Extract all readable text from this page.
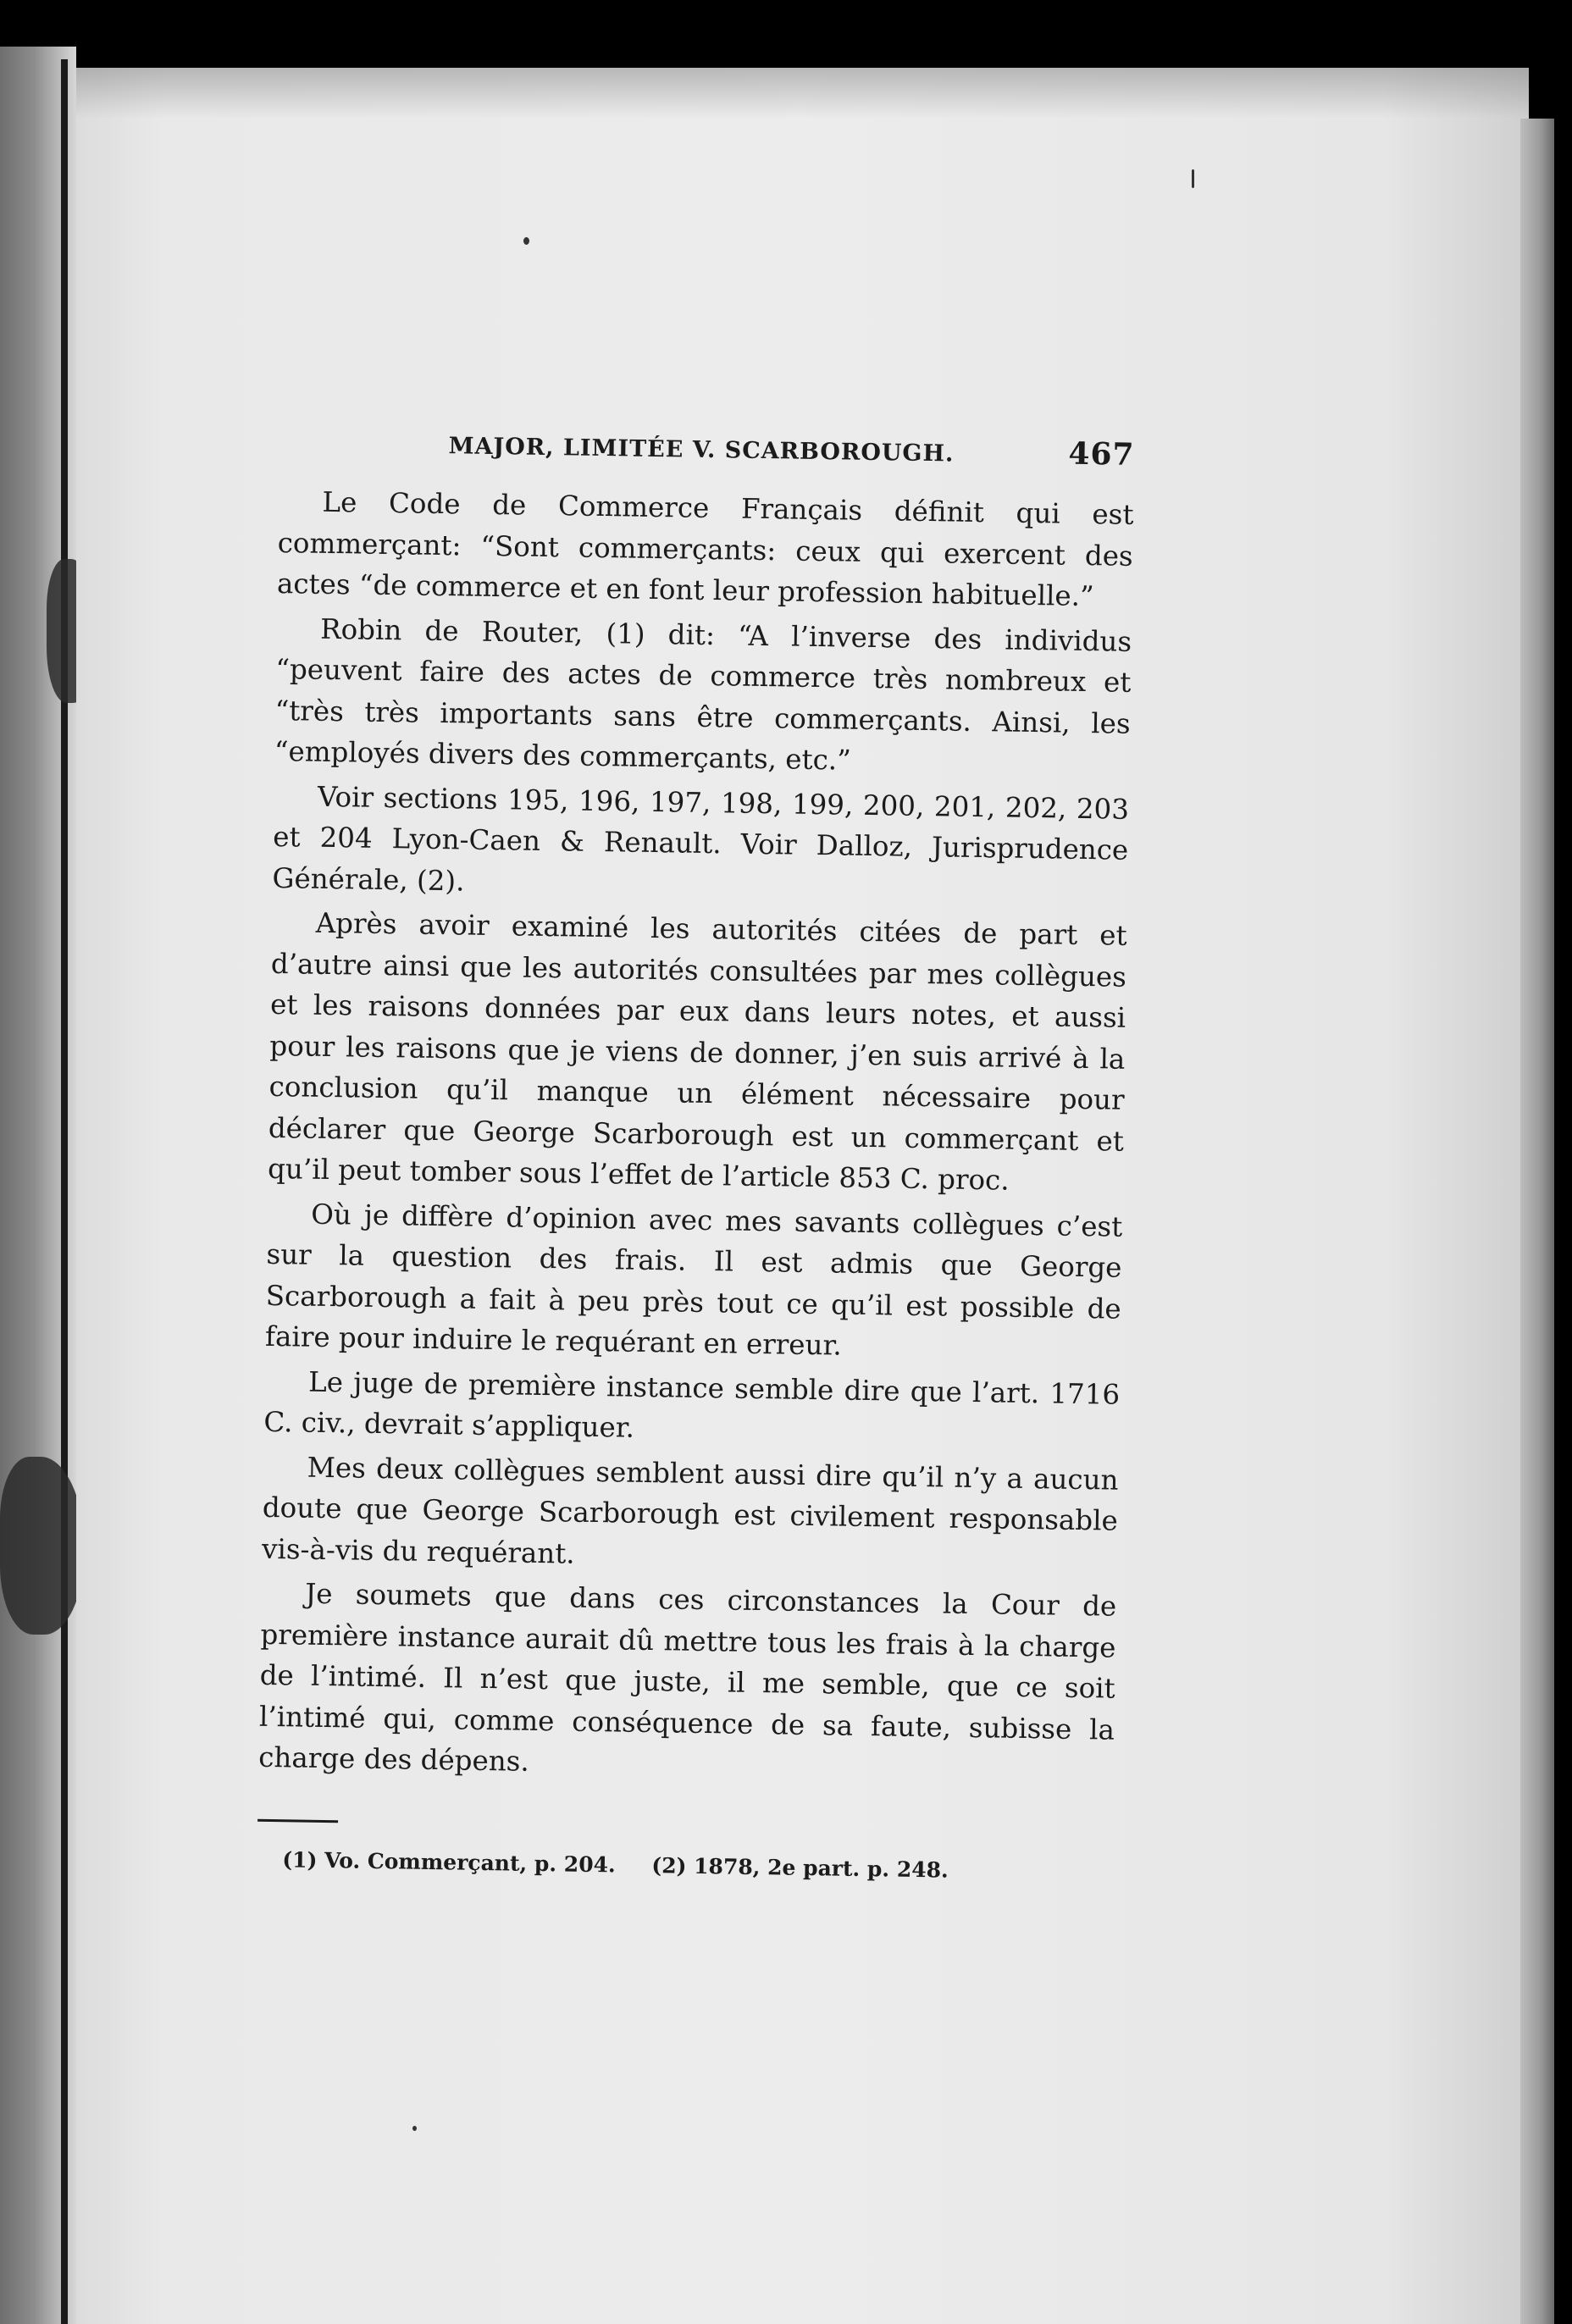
MAJOR, LIMITÉE V. SCARBOROUGH.	467

Le Code de Commerce Français définit qui est commerçant: “Sont commerçants: ceux qui exercent des actes “de commerce et en font leur profession habituelle.”

Robin de Router, (1) dit: “A l’inverse des individus “peuvent faire des actes de commerce très nombreux et “très très importants sans être commerçants. Ainsi, les “employés divers des commerçants, etc.”

Voir sections 195, 196, 197, 198, 199, 200, 201, 202, 203 et 204 Lyon-Caen & Renault. Voir Dalloz, Jurisprudence Générale, (2).

Après avoir examiné les autorités citées de part et d’autre ainsi que les autorités consultées par mes collègues et les raisons données par eux dans leurs notes, et aussi pour les raisons que je viens de donner, j’en suis arrivé à la conclusion qu’il manque un élément nécessaire pour déclarer que George Scarborough est un commerçant et qu’il peut tomber sous l’effet de l’article 853 C. proc.

Où je diffère d’opinion avec mes savants collègues c’est sur la question des frais. Il est admis que George Scarborough a fait à peu près tout ce qu’il est possible de faire pour induire le requérant en erreur.

Le juge de première instance semble dire que l’art. 1716 C. civ., devrait s’appliquer.

Mes deux collègues semblent aussi dire qu’il n’y a aucun doute que George Scarborough est civilement responsable vis-à-vis du requérant.

Je soumets que dans ces circonstances la Cour de première instance aurait dû mettre tous les frais à la charge de l’intimé. Il n’est que juste, il me semble, que ce soit l’intimé qui, comme conséquence de sa faute, subisse la charge des dépens.

(1) Vo. Commerçant, p. 204. (2) 1878, 2e part. p. 248.
